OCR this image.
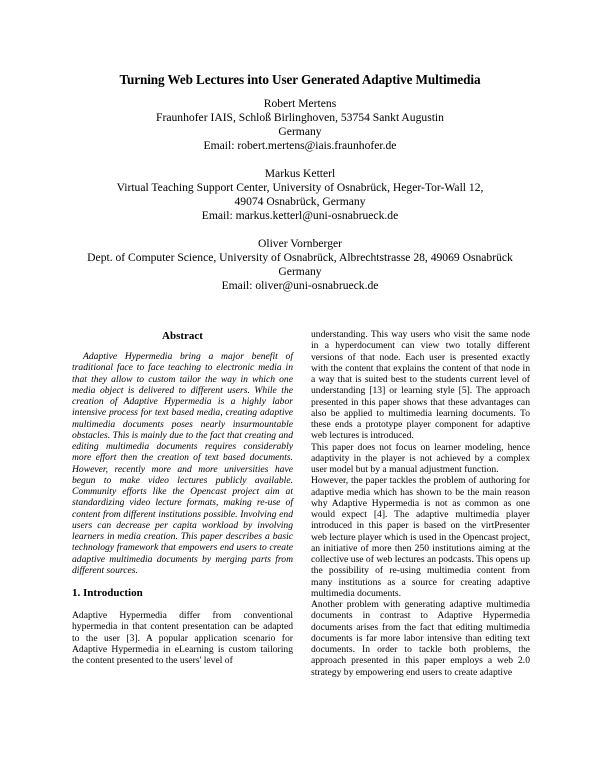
Turning Web Lectures into User Generated Adaptive Multimedia
Robert Mertens
Fraunhofer IAIS, Schloß Birlinghoven, 53754 Sankt Augustin
Germany
Email: robert.mertens@iais.fraunhofer.de
Markus Ketterl
Virtual Teaching Support Center, University of Osnabrück, Heger-Tor-Wall 12,
49074 Osnabrück, Germany
Email: markus.ketterl@uni-osnabrueck.de
Oliver Vornberger
Dept. of Computer Science, University of Osnabrück, Albrechtstrasse 28, 49069 Osnabrück
Germany
Email: oliver@uni-osnabrueck.de
Abstract

Adaptive Hypermedia bring a major benefit of traditional face to face teaching to electronic media in that they allow to custom tailor the way in which one media object is delivered to different users. While the creation of Adaptive Hypermedia is a highly labor intensive process for text based media, creating adaptive multimedia documents poses nearly insurmountable obstacles. This is mainly due to the fact that creating and editing multimedia documents requires considerably more effort then the creation of text based documents. However, recently more and more universities have begun to make video lectures publicly available. Community efforts like the Opencast project aim at standardizing video lecture formats, making re-use of content from different institutions possible. Involving end users can decrease per capita workload by involving learners in media creation. This paper describes a basic technology framework that empowers end users to create adaptive multimedia documents by merging parts from different sources.

1. Introduction

Adaptive Hypermedia differ from conventional hypermedia in that content presentation can be adapted to the user [3]. A popular application scenario for Adaptive Hypermedia in eLearning is custom tailoring the content presented to the users' level of

understanding. This way users who visit the same node in a hyperdocument can view two totally different versions of that node. Each user is presented exactly with the content that explains the content of that node in a way that is suited best to the students current level of understanding [13] or learning style [5]. The approach presented in this paper shows that these advantages can also be applied to multimedia learning documents. To these ends a prototype player component for adaptive web lectures is introduced.

This paper does not focus on learner modeling, hence adaptivity in the player is not achieved by a complex user model but by a manual adjustment function.

However, the paper tackles the problem of authoring for adaptive media which has shown to be the main reason why Adaptive Hypermedia is not as common as one would expect [4]. The adaptive multimedia player introduced in this paper is based on the virtPresenter web lecture player which is used in the Opencast project, an initiative of more then 250 institutions aiming at the collective use of web lectures an podcasts. This opens up the possibility of re-using multimedia content from many institutions as a source for creating adaptive multimedia documents.

Another problem with generating adaptive multimedia documents in contrast to Adaptive Hypermedia documents arises from the fact that editing multimedia documents is far more labor intensive than editing text documents. In order to tackle both problems, the approach presented in this paper employs a web 2.0 strategy by empowering end users to create adaptive
